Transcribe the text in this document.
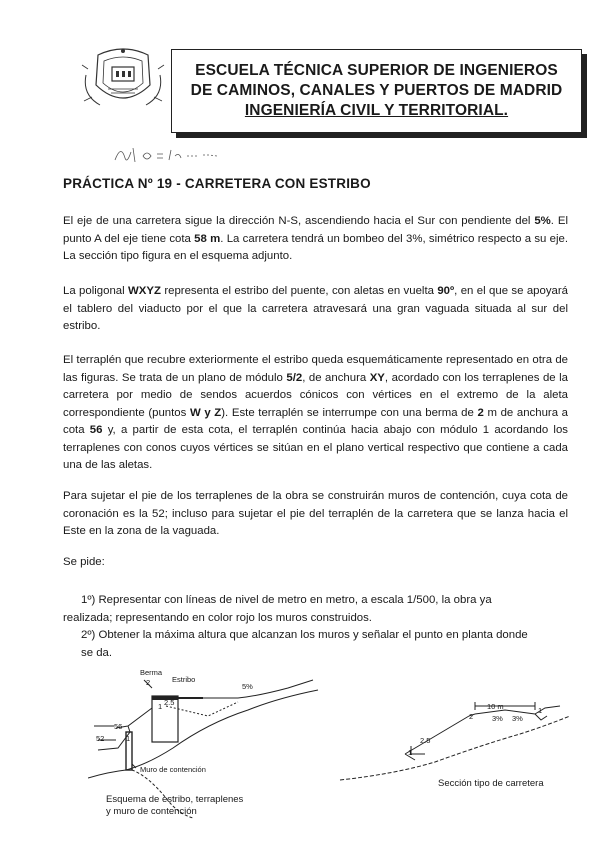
ESCUELA TÉCNICA SUPERIOR DE INGENIEROS
DE CAMINOS, CANALES Y PUERTOS DE MADRID
INGENIERÍA CIVIL Y TERRITORIAL.
PRÁCTICA Nº 19 - CARRETERA CON ESTRIBO
El eje de una carretera sigue la dirección N-S, ascendiendo hacia el Sur con pendiente del 5%. El punto A del eje tiene cota 58 m. La carretera tendrá un bombeo del 3%, simétrico respecto a su eje. La sección tipo figura en el esquema adjunto.
La poligonal WXYZ representa el estribo del puente, con aletas en vuelta 90º, en el que se apoyará el tablero del viaducto por el que la carretera atravesará una gran vaguada situada al sur del estribo.
El terraplén que recubre exteriormente el estribo queda esquemáticamente representado en otra de las figuras. Se trata de un plano de módulo 5/2, de anchura XY, acordado con los terraplenes de la carretera por medio de sendos acuerdos cónicos con vértices en el extremo de la aleta correspondiente (puntos W y Z). Este terraplén se interrumpe con una berma de 2 m de anchura a cota 56 y, a partir de esta cota, el terraplén continúa hacia abajo con módulo 1 acordando los terraplenes con conos cuyos vértices se sitúan en el plano vertical respectivo que contiene a cada una de las aletas.
Para sujetar el pie de los terraplenes de la obra se construirán muros de contención, cuya cota de coronación es la 52; incluso para sujetar el pie del terraplén de la carretera que se lanza hacia el Este en la zona de la vaguada.
Se pide:
1º) Representar con líneas de nivel de metro en metro, a escala 1/500, la obra ya
realizada; representando en color rojo los muros construidos.
2º) Obtener la máxima altura que alcanzan los muros y señalar el punto en planta donde
se da.
Berma
2	Estribo
5%
2.5
56
52	1
1
Muro de contención
Esquema de estribo, terraplenes
y muro de contención
10 m
3% 3%
2
1
2.5
1
Sección tipo de carretera
